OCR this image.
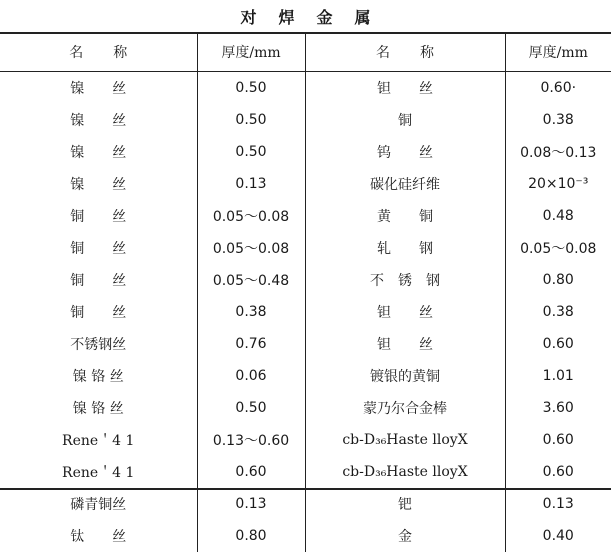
对焊金属
名称	厚度/mm	名称	厚度/mm
镍　　丝	0.50	钽　　丝	0.60·
镍　　丝	0.50	铜	0.38
镍　　丝	0.50	钨　　丝	0.08～0.13
镍　　丝	0.13	碳化硅纤维	20×10⁻³
铜　　丝	0.05～0.08	黄　　铜	0.48
铜　　丝	0.05～0.08	轧　　钢	0.05～0.08
铜　　丝	0.05～0.48	不　锈　钢	0.80
铜　　丝	0.38	钽　　丝	0.38
不锈钢丝	0.76	钽　　丝	0.60
镍 铬 丝	0.06	镀银的黄铜	1.01
镍 铬 丝	0.50	蒙乃尔合金棒	3.60
Rene＇4 1	0.13～0.60	cb-D₃₆Haste lloyX	0.60
Rene＇4 1	0.60	cb-D₃₆Haste lloyX	0.60
磷青铜丝	0.13	钯	0.13
钛　　丝	0.80	金	0.40
